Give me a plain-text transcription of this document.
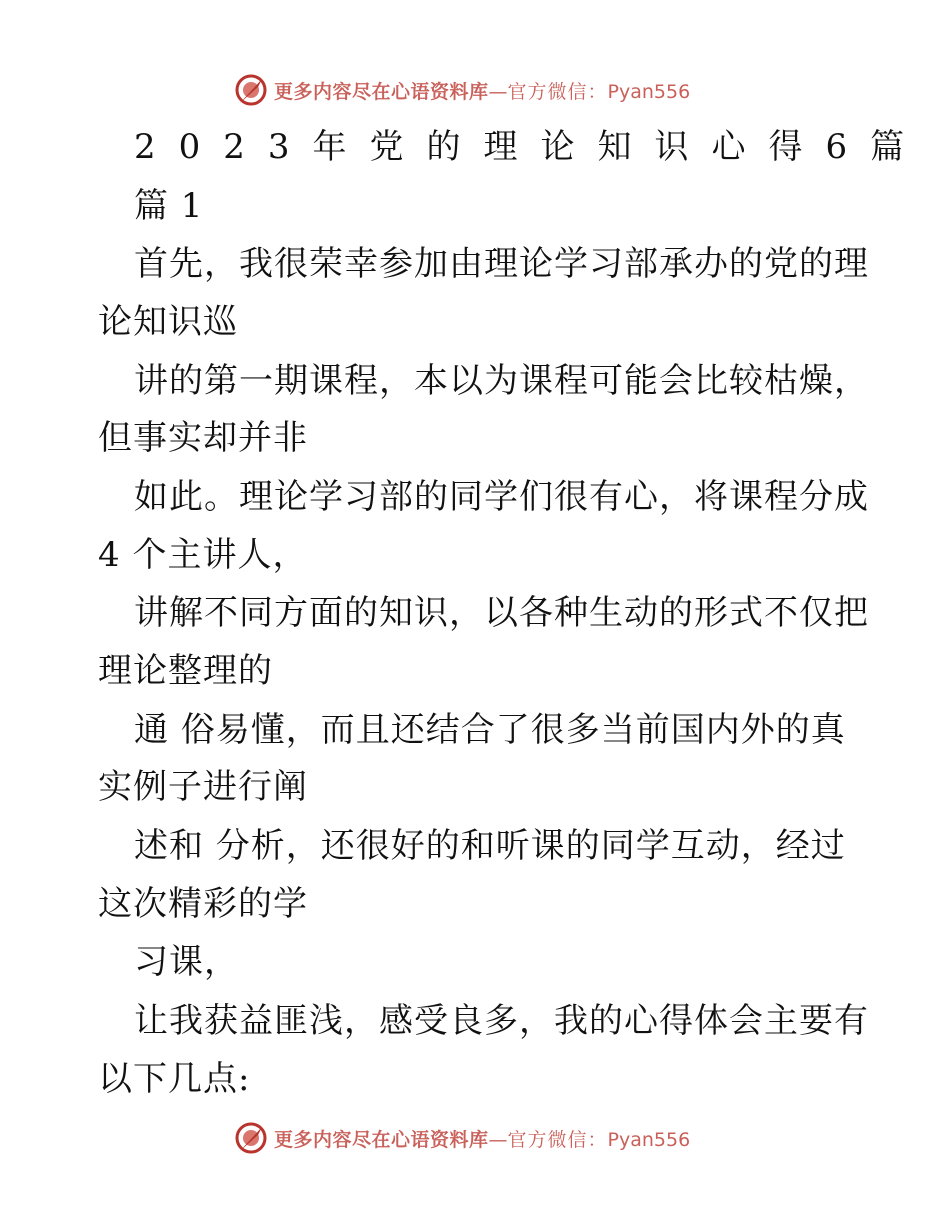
更多内容尽在心语资料库—官方微信：Pyan556
2023年党的理论知识心得6篇
篇 1
首先，我很荣幸参加由理论学习部承办的党的理
论知识巡
讲的第一期课程，本以为课程可能会比较枯燥，
但事实却并非
如此。理论学习部的同学们很有心，将课程分成
4 个主讲人，
讲解不同方面的知识，以各种生动的形式不仅把
理论整理的
通 俗易懂，而且还结合了很多当前国内外的真
实例子进行阐
述和 分析，还很好的和听课的同学互动，经过
这次精彩的学
习课，
让我获益匪浅，感受良多，我的心得体会主要有
以下几点:
更多内容尽在心语资料库—官方微信：Pyan556
